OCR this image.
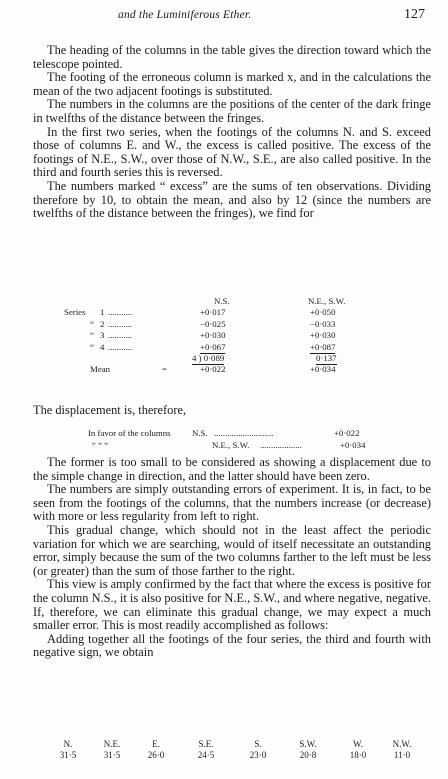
and the Luminiferous Ether.	127

The heading of the columns in the table gives the direction toward which the telescope pointed.

The footing of the erroneous column is marked x, and in the calculations the mean of the two adjacent footings is substituted.

The numbers in the columns are the positions of the center of the dark fringe in twelfths of the distance between the fringes.

In the first two series, when the footings of the columns N. and S. exceed those of columns E. and W., the excess is called positive. The excess of the footings of N.E., S.W., over those of N.W., S.E., are also called positive. In the third and fourth series this is reversed.

The numbers marked “ excess” are the sums of ten observations. Dividing therefore by 10, to obtain the mean, and also by 12 (since the numbers are twelfths of the distance between the fringes), we find for

N.S.	N.E., S.W.
Series 1 ...........	+0·017	+0·050
“ 2 ...........	−0·025	−0·033
“ 3 ...........	+0·030	+0·030
“ 4 ...........	+0·067	+0·087
4 ) 0·089	0·137
Mean	=	+0·022	+0·034

The displacement is, therefore,

In favor of the columns N.S. ...........................	+0·022
“ “ “	N.E., S.W. ...................	+0·034

The former is too small to be considered as showing a displacement due to the simple change in direction, and the latter should have been zero.

The numbers are simply outstanding errors of experiment. It is, in fact, to be seen from the footings of the columns, that the numbers increase (or decrease) with more or less regularity from left to right.

This gradual change, which should not in the least affect the periodic variation for which we are searching, would of itself necessitate an outstanding error, simply because the sum of the two columns farther to the left must be less (or greater) than the sum of those farther to the right.

This view is amply confirmed by the fact that where the excess is positive for the column N.S., it is also positive for N.E., S.W., and where negative, negative. If, therefore, we can eliminate this gradual change, we may expect a much smaller error. This is most readily accomplished as follows:

Adding together all the footings of the four series, the third and fourth with negative sign, we obtain

N.	N.E.	E.	S.E.	S.	S.W.	W.	N.W.
31·5	31·5	26·0	24·5	23·0	20·8	18·0	11·0
